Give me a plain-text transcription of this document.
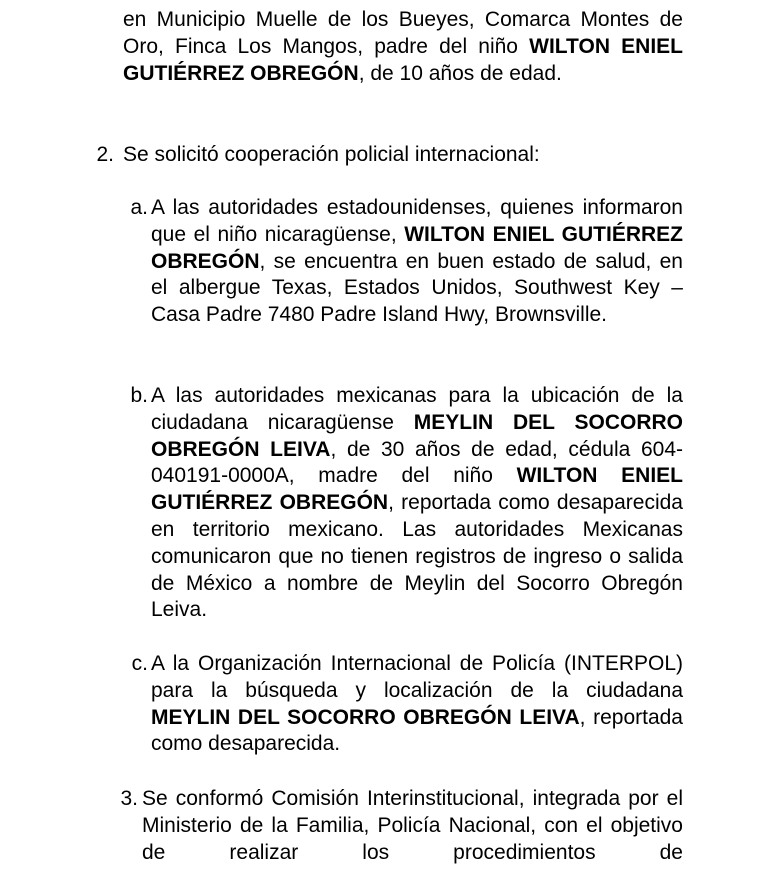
en Municipio Muelle de los Bueyes, Comarca Montes de Oro, Finca Los Mangos, padre del niño WILTON ENIEL GUTIÉRREZ OBREGÓN, de 10 años de edad.

2. Se solicitó cooperación policial internacional:

a. A las autoridades estadounidenses, quienes informaron que el niño nicaragüense, WILTON ENIEL GUTIÉRREZ OBREGÓN, se encuentra en buen estado de salud, en el albergue Texas, Estados Unidos, Southwest Key – Casa Padre 7480 Padre Island Hwy, Brownsville.

b. A las autoridades mexicanas para la ubicación de la ciudadana nicaragüense MEYLIN DEL SOCORRO OBREGÓN LEIVA, de 30 años de edad, cédula 604-040191-0000A, madre del niño WILTON ENIEL GUTIÉRREZ OBREGÓN, reportada como desaparecida en territorio mexicano. Las autoridades Mexicanas comunicaron que no tienen registros de ingreso o salida de México a nombre de Meylin del Socorro Obregón Leiva.

c. A la Organización Internacional de Policía (INTERPOL) para la búsqueda y localización de la ciudadana MEYLIN DEL SOCORRO OBREGÓN LEIVA, reportada como desaparecida.

3. Se conformó Comisión Interinstitucional, integrada por el Ministerio de la Familia, Policía Nacional, con el objetivo de realizar los procedimientos de
